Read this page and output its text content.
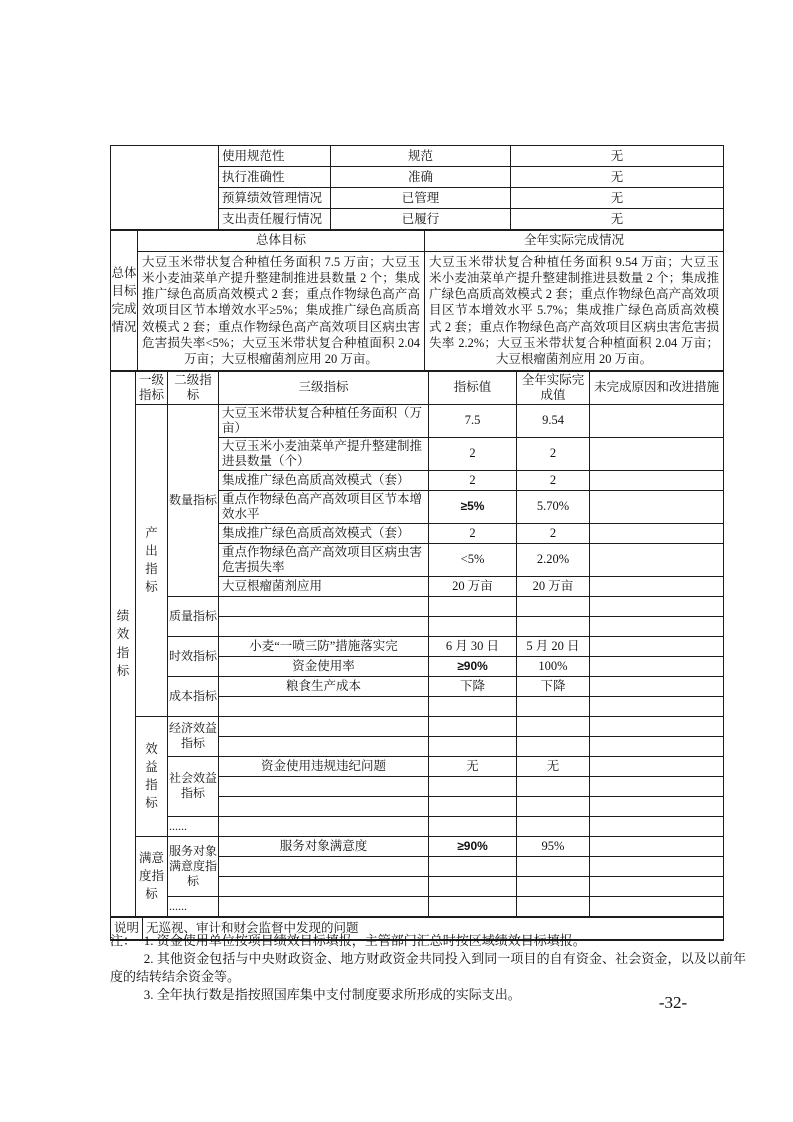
	使用规范性	规范	无
	执行准确性	准确	无
	预算绩效管理情况	已管理	无
	支出责任履行情况	已履行	无
总体目标完成情况	总体目标	全年实际完成情况
	大豆玉米带状复合种植任务面积 7.5 万亩；大豆玉米小麦油菜单产提升整建制推进县数量 2 个；集成推广绿色高质高效模式 2 套；重点作物绿色高产高效项目区节本增效水平≥5%；集成推广绿色高质高效模式 2 套；重点作物绿色高产高效项目区病虫害危害损失率<5%；大豆玉米带状复合种植面积 2.04 万亩；大豆根瘤菌剂应用 20 万亩。	大豆玉米带状复合种植任务面积 9.54 万亩；大豆玉米小麦油菜单产提升整建制推进县数量 2 个；集成推广绿色高质高效模式 2 套；重点作物绿色高产高效项目区节本增效水平 5.7%；集成推广绿色高质高效模式 2 套；重点作物绿色高产高效项目区病虫害危害损失率 2.2%；大豆玉米带状复合种植面积 2.04 万亩；大豆根瘤菌剂应用 20 万亩。
绩效指标	一级指标	二级指标	三级指标	指标值	全年实际完成值	未完成原因和改进措施
	产出指标	数量指标	大豆玉米带状复合种植任务面积（万亩）	7.5	9.54	
			大豆玉米小麦油菜单产提升整建制推进县数量（个）	2	2	
			集成推广绿色高质高效模式（套）	2	2	
			重点作物绿色高产高效项目区节本增效水平	≥5%	5.70%	
			集成推广绿色高质高效模式（套）	2	2	
			重点作物绿色高产高效项目区病虫害危害损失率	<5%	2.20%	
			大豆根瘤菌剂应用	20 万亩	20 万亩	
		质量指标				

		时效指标	小麦“一喷三防”措施落实完	6 月 30 日	5 月 20 日	
			资金使用率	≥90%	100%	
		成本指标	粮食生产成本	下降	下降	

	效益指标	经济效益指标				

		社会效益指标	资金使用违规违纪问题	无	无	

		......				
	满意度指标	服务对象满意度指标	服务对象满意度	≥90%	95%	

		......				
说明	无巡视、审计和财会监督中发现的问题
注： 1. 资金使用单位按项目绩效目标填报，主管部门汇总时按区域绩效目标填报。
2. 其他资金包括与中央财政资金、地方财政资金共同投入到同一项目的自有资金、社会资金，以及以前年度的结转结余资金等。
3. 全年执行数是指按照国库集中支付制度要求所形成的实际支出。	-32-
